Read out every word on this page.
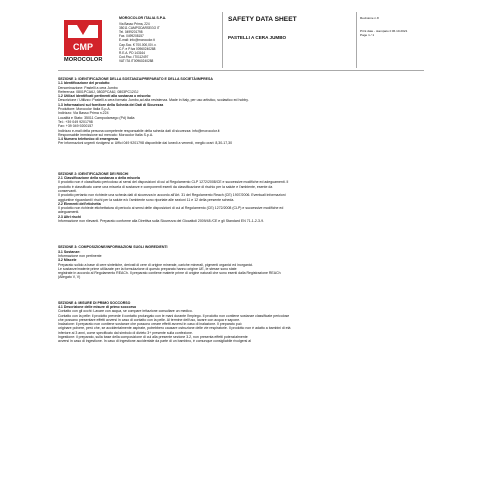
CMP
MOROCOLOR
MOROCOLOR ITALIA S.P.A.
Via Basso Prima, 224
35011 CAMPODARSEGO IT
Tel. 0499201798
Fax. 0499208157
E-mail: info@morocolor.it
Cap.Soc. € 700.000,00 i.v.
C.F. e P.Iva 00960240288
R.E.A. PD 143164
Cod.Fisc. IT0112497
VAT ITA IT00960240288
SAFETY DATA SHEET
PASTELLI A CERA JUMBO
Revisione n.8
Print date - stampato il 06.10.2021
Page 1 / 1

SEZIONE 1: IDENTIFICAZIONE DELLA SOSTANZA/PREPARATO E DELLA SOCIETÀ/IMPRESA

1.1 Identificazione del prodotto

Denominazione: Pastelli a cera Jumbo

Referenza: 0801PCA6J, 0802PCA6J, 0803PC12GJ

1.2 Utilizzi identificati pertinenti alla sostanza o miscela:

Descrizione / Utilizzo: Pastelli a cera formato Jumbo,ad alta resistenza. Made in Italy, per uso artistico, scolastico ed hobby.

1.3 Informazioni sul fornitore della Scheda dei Dati di Sicurezza

Produttore: Morocolor Italia S.p.A.

Indirizzo: Via Basso Prima n.224

Località e Stato: 35011 Campodarsego (Pd) Italia

Tel.: +39 049 9201798

Fax: +39 049 9200157

Indirizzo e-mail della persona competente responsabile della scheda dati di sicurezza: info@morocolor.it

Responsabile immissione sul mercato: Morocolor Italia S.p.A.

1.4 Numero telefonico di emergenza

Per informazioni urgenti rivolgersi a: Uffici 049 9201798 disponibile dai lunedì a venerdì, meglio orari: 8,30-17,30

SEZIONE 2: IDENTIFICAZIONE DEI RISCHI

2.1 Classificazione della sostanza o della miscela

Il prodotto non è classificato pericoloso ai sensi del disposizioni di cui al Regolamento CLP 1272/2008/CE e successive modifiche ed adeguamenti. Il

prodotto è classificato come una miscela di sostanze e componenti esenti da classificazione di rischio per la salute e l'ambiente, esente da

conservanti.

Il prodotto pertanto non richiede una scheda dati di sicurezza in accordo all'Art. 31 del Regolamento Reach (CE) 1907/2006. Eventuali informazioni

aggiuntive riguardanti i rischi per la salute e/o l'ambiente sono riportate alle sezioni 11 e 12 della presente scheda.

2.2 Elementi dell'etichetta

Il prodotto non richiede etichettatura di pericolo ai sensi delle disposizioni di cui al Regolamento (CE) 1272/2008 (CLP) e successive modifiche ed

adeguamenti.

2.3 Altri rischi

Informazione non rilevanti. Preparato conforme alla Direttiva sulla Sicurezza dei Giocattoli 2009/48 /CE e gli Standard EN 71-1-2-3-9.

SEZIONE 3: COMPOSIZIONE/INFORMAZIONI SUGLI INGREDIENTI

3.1 Sostanze:

Informazione non pertinente

3.2 Miscele

Preparato solido a base di cere sintetiche, derivati di cere di origine minerale, cariche minerali, pigmenti organici ed inorganici.

Le sostanze/materie prime utilizzate per la formulazione di questo preparato hanno origine UE, le stesse sono state

registrate in accordo al Regolamento REACh. Il preparato contiene materie prime di origine naturali che sono esenti dalla Registrazione REACh

(Allegato V, V)

SEZIONE 4: MISURE DI PRIMO SOCCORSO

4.1 Descrizione delle misure di primo soccorso

Contatto con gli occhi: Lavare con acqua, se compare irritazione consultare un medico.

Contatto con la pelle: il prodotto prevede il contatto prolungato con le mani durante l'impiego. Il prodotto non contiene sostanze classificate pericolose

che possano presentare effetti avversi in caso di contatto con la pelle. Al termine dell'uso, lavare con acqua e sapone.

Inalazione: il preparato non contiene sostanze che possono creare effetti avversi in caso di inalazione. Il preparato può

originare polvere, però che, se accidentalmente aspirate, potrebbero causare ostruzione delle vie respiratorie. Il prodotto non è adatto a bambini di età

inferiore ai 3 anni, come specificato dal simbolo di divieto 3+ presente sulla confezione.

Ingestione: il preparato, sulla base della composizione di cui alla presente sezione 3.2, non presenta effetti potenzialmente

avversi in caso di ingestione. In caso di ingestione accidentale da parte di un bambino, è comunque consigliabile rivolgersi al
